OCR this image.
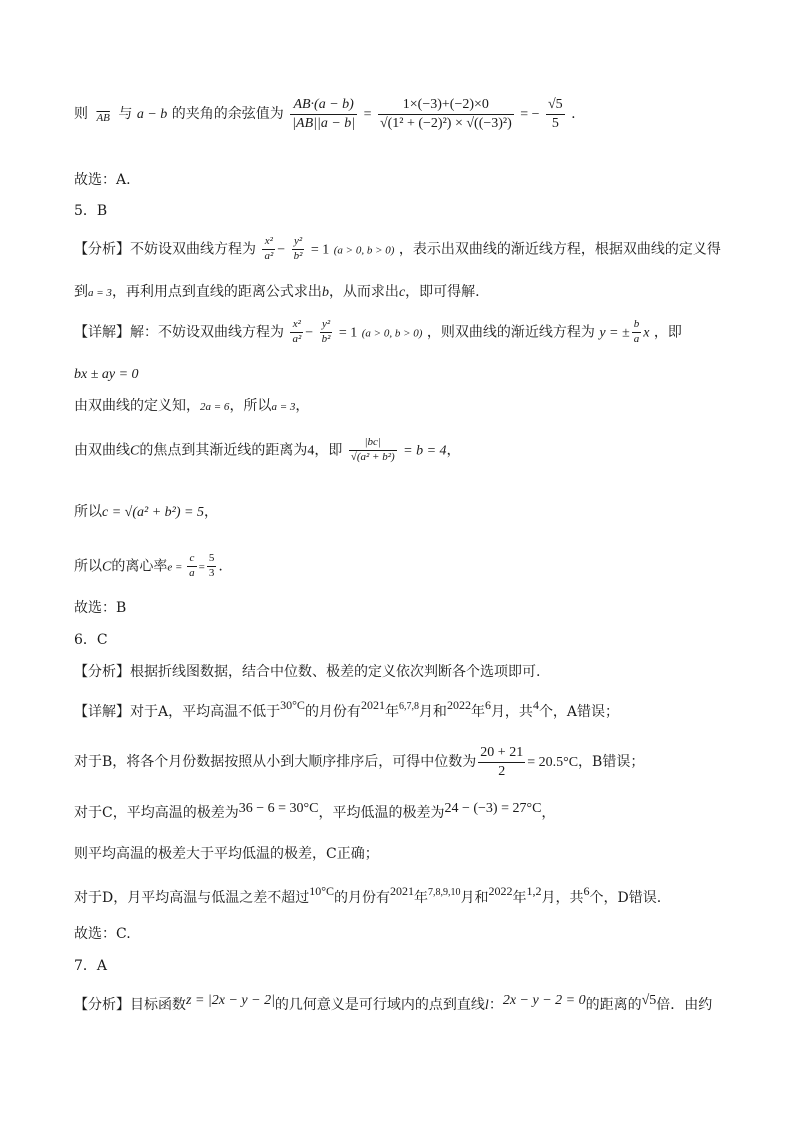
则 $\overline{AB}$ 与 a − b 的夹角的余弦值为 $\frac{AB\cdot(a - b)}{|AB||a - b|} = \frac{1\times(-3)+(-2)\times 0}{\text{√(1² + (−2)²) × √((−3)²)}}$ = − $\frac{√5}{5}$ .
故选：A.
5．B
【分析】不妨设双曲线方程为 $\frac{\text{x²}}{\text{a²}} - \frac{\text{y²}}{\text{b²}} = 1$ (a > 0, b > 0) ，表示出双曲线的渐近线方程，根据双曲线的定义得
到a = 3，再利用点到直线的距离公式求出b，从而求出c，即可得解.
【详解】解：不妨设双曲线方程为 $\frac{\text{x²}}{\text{a²}} - \frac{\text{y²}}{\text{b²}} = 1$ (a > 0, b > 0) ，则双曲线的渐近线方程为 y = ± $\frac{b}{a}$ x ，即
bx ± ay = 0
由双曲线的定义知，2a = 6，所以a = 3，
由双曲线C的焦点到其渐近线的距离为4，即 $\frac{|bc|}{\text{√(a² + b²)}} = b = 4$，
所以c = √(a² + b²) = 5，
所以C的离心率$e = \frac{c}{a} = \frac{5}{3}$ .
故选：B
6．C
【分析】根据折线图数据，结合中位数、极差的定义依次判断各个选项即可.
【详解】对于A，平均高温不低于$^{30^\circ C}$的月份有$^{2021}$年$^{6,7,8}$月和$^{2022}$年$^6$月，共$^4$个，A错误；
对于B，将各个月份数据按照从小到大顺序排序后，可得中位数为 $\frac{20 + 21}{2} = 20.5^\circ C$，B错误；
对于C，平均高温的极差为36 − 6 = 30°C，平均低温的极差为24 − (−3) = 27°C，
则平均高温的极差大于平均低温的极差，C正确；
对于D，月平均高温与低温之差不超过$^{10^\circ C}$的月份有$^{2021}$年$^{7,8,9,10}$月和$^{2022}$年$^{1,2}$月，共$^6$个，D错误.
故选：C.
7．A
【分析】目标函数z = |2x − y − 2|的几何意义是可行域内的点到直线l：2x − y − 2 = 0的距离的√5倍．由约
